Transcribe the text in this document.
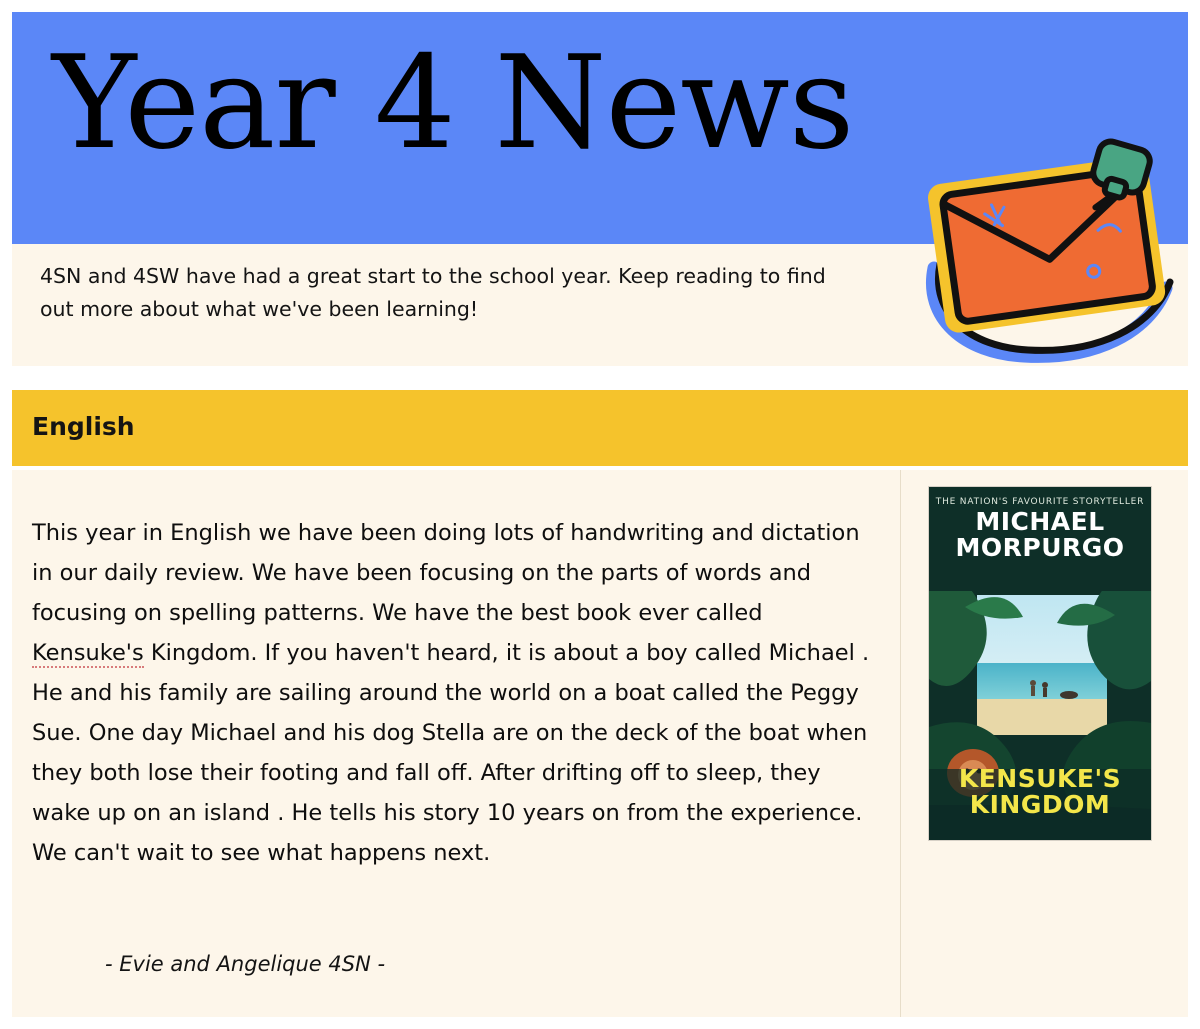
Year 4 News
4SN and 4SW have had a great start to the school year. Keep reading to find out more about what we've been learning!
English

This year in English we have been doing lots of handwriting and dictation in our daily review. We have been focusing on the parts of words and focusing on spelling patterns. We have the best book ever called Kensuke's Kingdom. If you haven't heard, it is about a boy called Michael . He and his family are sailing around the world on a boat called the Peggy Sue. One day Michael and his dog Stella are on the deck of the boat when they both lose their footing and fall off. After drifting off to sleep, they wake up on an island . He tells his story 10 years on from the experience. We can't wait to see what happens next.

- Evie and Angelique 4SN -
THE NATION'S FAVOURITE STORYTELLER
MICHAEL
MORPURGO
KENSUKE'S
KINGDOM
